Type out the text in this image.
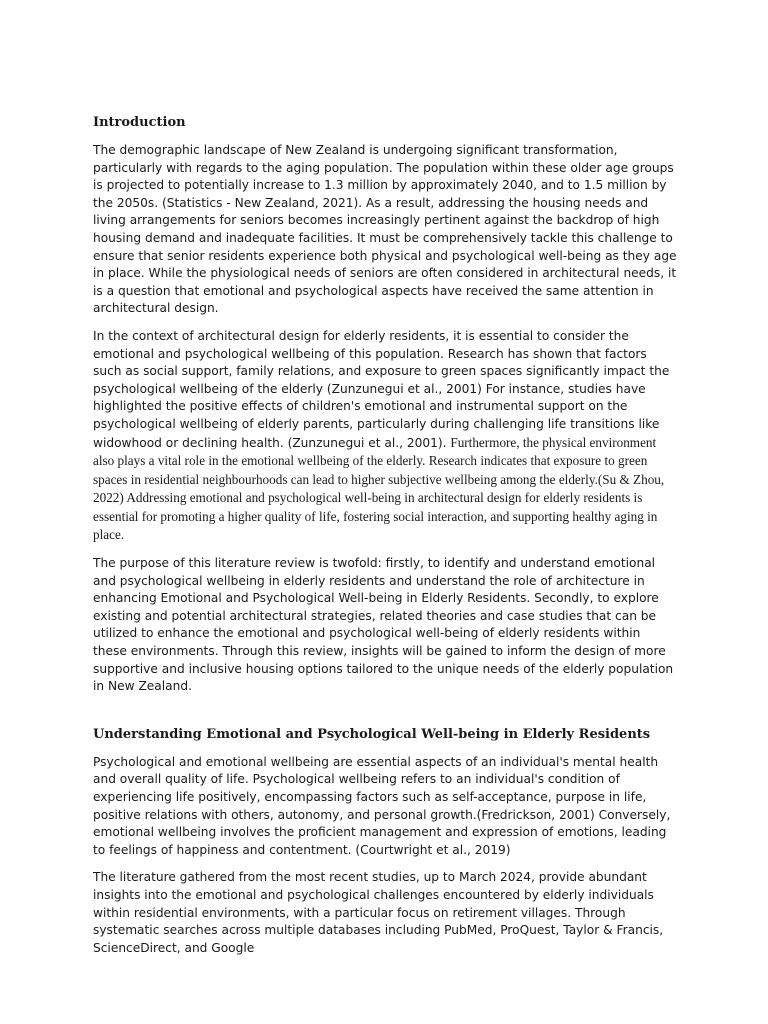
Introduction

The demographic landscape of New Zealand is undergoing significant transformation, particularly with regards to the aging population. The population within these older age groups is projected to potentially increase to 1.3 million by approximately 2040, and to 1.5 million by the 2050s. (Statistics - New Zealand, 2021). As a result, addressing the housing needs and living arrangements for seniors becomes increasingly pertinent against the backdrop of high housing demand and inadequate facilities. It must be comprehensively tackle this challenge to ensure that senior residents experience both physical and psychological well-being as they age in place. While the physiological needs of seniors are often considered in architectural needs, it is a question that emotional and psychological aspects have received the same attention in architectural design.

In the context of architectural design for elderly residents, it is essential to consider the emotional and psychological wellbeing of this population. Research has shown that factors such as social support, family relations, and exposure to green spaces significantly impact the psychological wellbeing of the elderly (Zunzunegui et al., 2001) For instance, studies have highlighted the positive effects of children's emotional and instrumental support on the psychological wellbeing of elderly parents, particularly during challenging life transitions like widowhood or declining health. (Zunzunegui et al., 2001). Furthermore, the physical environment also plays a vital role in the emotional wellbeing of the elderly. Research indicates that exposure to green spaces in residential neighbourhoods can lead to higher subjective wellbeing among the elderly.(Su & Zhou, 2022) Addressing emotional and psychological well-being in architectural design for elderly residents is essential for promoting a higher quality of life, fostering social interaction, and supporting healthy aging in place.

The purpose of this literature review is twofold: firstly, to identify and understand emotional and psychological wellbeing in elderly residents and understand the role of architecture in enhancing Emotional and Psychological Well-being in Elderly Residents. Secondly, to explore existing and potential architectural strategies, related theories and case studies that can be utilized to enhance the emotional and psychological well-being of elderly residents within these environments. Through this review, insights will be gained to inform the design of more supportive and inclusive housing options tailored to the unique needs of the elderly population in New Zealand.

Understanding Emotional and Psychological Well-being in Elderly Residents

Psychological and emotional wellbeing are essential aspects of an individual's mental health and overall quality of life. Psychological wellbeing refers to an individual's condition of experiencing life positively, encompassing factors such as self-acceptance, purpose in life, positive relations with others, autonomy, and personal growth.(Fredrickson, 2001) Conversely, emotional wellbeing involves the proficient management and expression of emotions, leading to feelings of happiness and contentment. (Courtwright et al., 2019)

The literature gathered from the most recent studies, up to March 2024, provide abundant insights into the emotional and psychological challenges encountered by elderly individuals within residential environments, with a particular focus on retirement villages. Through systematic searches across multiple databases including PubMed, ProQuest, Taylor & Francis, ScienceDirect, and Google
